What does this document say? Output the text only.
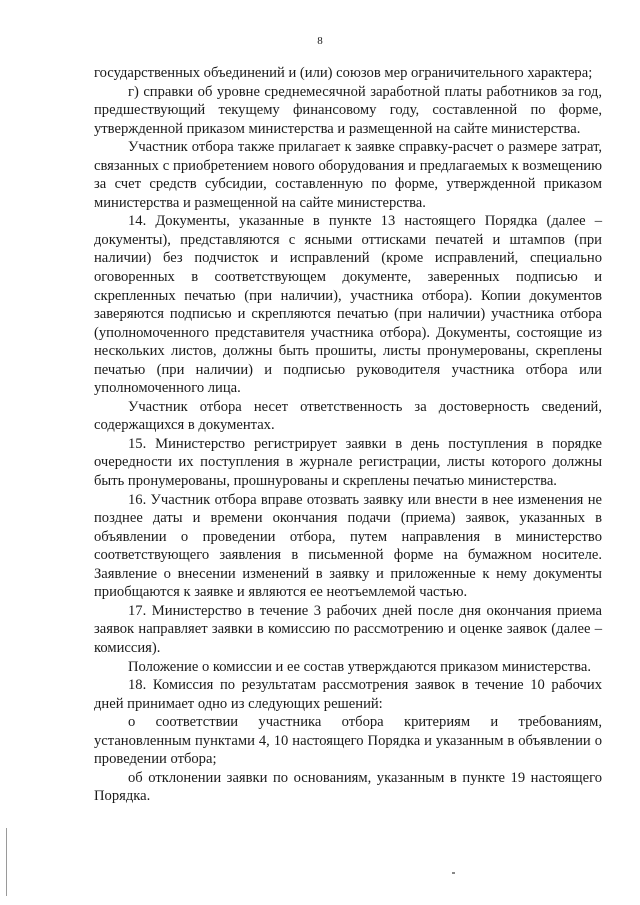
8

государственных объединений и (или) союзов мер ограничительного характера;

г) справки об уровне среднемесячной заработной платы работников за год, предшествующий текущему финансовому году, составленной по форме, утвержденной приказом министерства и размещенной на сайте министерства.

Участник отбора также прилагает к заявке справку-расчет о размере затрат, связанных с приобретением нового оборудования и предлагаемых к возмещению за счет средств субсидии, составленную по форме, утвержденной приказом министерства и размещенной на сайте министерства.

14. Документы, указанные в пункте 13 настоящего Порядка (далее – документы), представляются с ясными оттисками печатей и штампов (при наличии) без подчисток и исправлений (кроме исправлений, специально оговоренных в соответствующем документе, заверенных подписью и скрепленных печатью (при наличии), участника отбора). Копии документов заверяются подписью и скрепляются печатью (при наличии) участника отбора (уполномоченного представителя участника отбора). Документы, состоящие из нескольких листов, должны быть прошиты, листы пронумерованы, скреплены печатью (при наличии) и подписью руководителя участника отбора или уполномоченного лица.

Участник отбора несет ответственность за достоверность сведений, содержащихся в документах.

15. Министерство регистрирует заявки в день поступления в порядке очередности их поступления в журнале регистрации, листы которого должны быть пронумерованы, прошнурованы и скреплены печатью министерства.

16. Участник отбора вправе отозвать заявку или внести в нее изменения не позднее даты и времени окончания подачи (приема) заявок, указанных в объявлении о проведении отбора, путем направления в министерство соответствующего заявления в письменной форме на бумажном носителе. Заявление о внесении изменений в заявку и приложенные к нему документы приобщаются к заявке и являются ее неотъемлемой частью.

17. Министерство в течение 3 рабочих дней после дня окончания приема заявок направляет заявки в комиссию по рассмотрению и оценке заявок (далее – комиссия).

Положение о комиссии и ее состав утверждаются приказом министерства.

18. Комиссия по результатам рассмотрения заявок в течение 10 рабочих дней принимает одно из следующих решений:

о соответствии участника отбора критериям и требованиям, установленным пунктами 4, 10 настоящего Порядка и указанным в объявлении о проведении отбора;

об отклонении заявки по основаниям, указанным в пункте 19 настоящего Порядка.
